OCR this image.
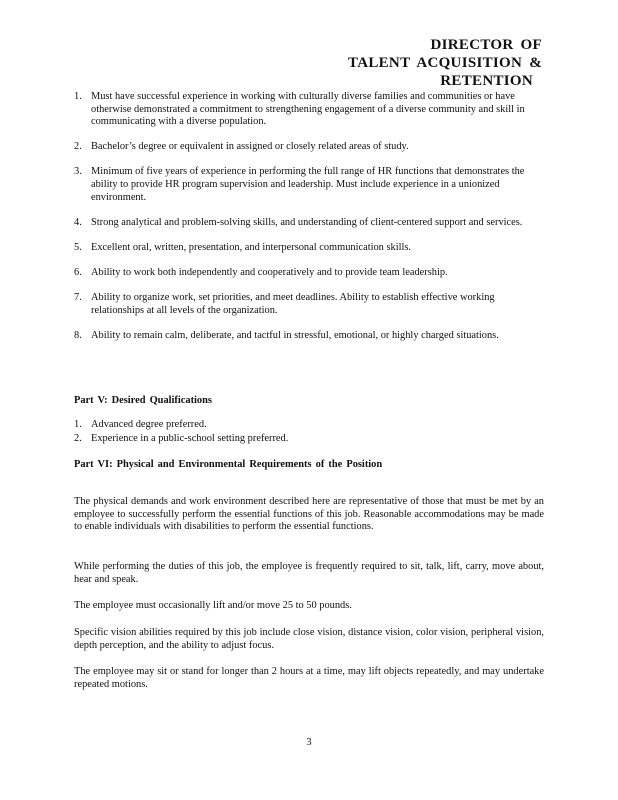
DIRECTOR OF
TALENT ACQUISITION &
RETENTION
1. Must have successful experience in working with culturally diverse families and communities or have otherwise demonstrated a commitment to strengthening engagement of a diverse community and skill in communicating with a diverse population.
2. Bachelor’s degree or equivalent in assigned or closely related areas of study.
3. Minimum of five years of experience in performing the full range of HR functions that demonstrates the ability to provide HR program supervision and leadership. Must include experience in a unionized environment.
4. Strong analytical and problem-solving skills, and understanding of client-centered support and services.
5. Excellent oral, written, presentation, and interpersonal communication skills.
6. Ability to work both independently and cooperatively and to provide team leadership.
7. Ability to organize work, set priorities, and meet deadlines. Ability to establish effective working relationships at all levels of the organization.
8. Ability to remain calm, deliberate, and tactful in stressful, emotional, or highly charged situations.
Part V: Desired Qualifications
1. Advanced degree preferred.
2. Experience in a public-school setting preferred.
Part VI: Physical and Environmental Requirements of the Position

The physical demands and work environment described here are representative of those that must be met by an employee to successfully perform the essential functions of this job. Reasonable accommodations may be made to enable individuals with disabilities to perform the essential functions.

While performing the duties of this job, the employee is frequently required to sit, talk, lift, carry, move about, hear and speak.

The employee must occasionally lift and/or move 25 to 50 pounds.

Specific vision abilities required by this job include close vision, distance vision, color vision, peripheral vision, depth perception, and the ability to adjust focus.

The employee may sit or stand for longer than 2 hours at a time, may lift objects repeatedly, and may undertake repeated motions.

3
